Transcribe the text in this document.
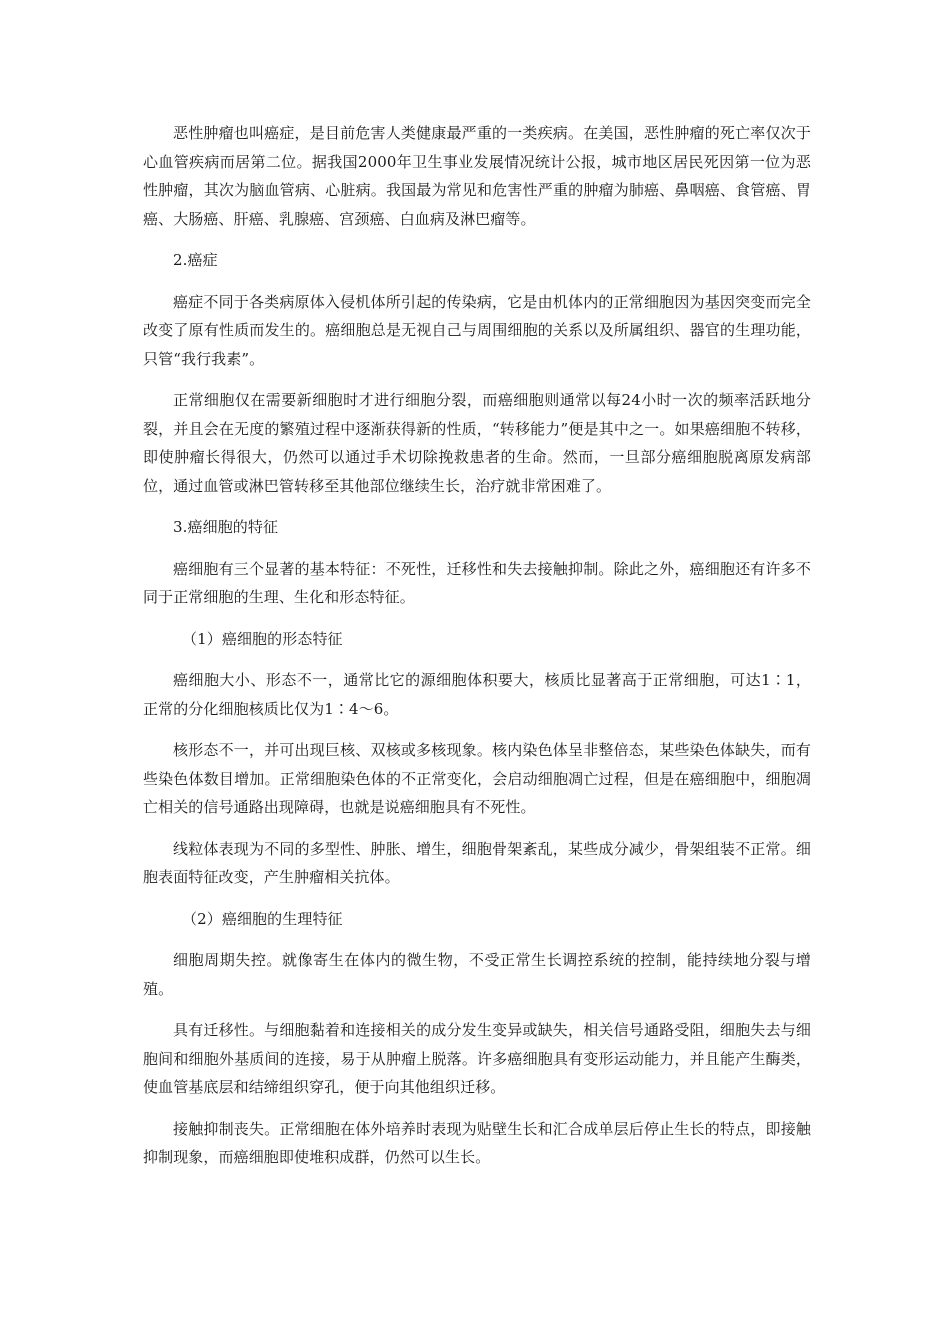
恶性肿瘤也叫癌症，是目前危害人类健康最严重的一类疾病。在美国，恶性肿瘤的死亡率仅次于心血管疾病而居第二位。据我国2000年卫生事业发展情况统计公报，城市地区居民死因第一位为恶性肿瘤，其次为脑血管病、心脏病。我国最为常见和危害性严重的肿瘤为肺癌、鼻咽癌、食管癌、胃癌、大肠癌、肝癌、乳腺癌、宫颈癌、白血病及淋巴瘤等。

2.癌症

癌症不同于各类病原体入侵机体所引起的传染病，它是由机体内的正常细胞因为基因突变而完全改变了原有性质而发生的。癌细胞总是无视自己与周围细胞的关系以及所属组织、器官的生理功能，只管“我行我素”。

正常细胞仅在需要新细胞时才进行细胞分裂，而癌细胞则通常以每24小时一次的频率活跃地分裂，并且会在无度的繁殖过程中逐渐获得新的性质，“转移能力”便是其中之一。如果癌细胞不转移，即使肿瘤长得很大，仍然可以通过手术切除挽救患者的生命。然而，一旦部分癌细胞脱离原发病部位，通过血管或淋巴管转移至其他部位继续生长，治疗就非常困难了。

3.癌细胞的特征

癌细胞有三个显著的基本特征：不死性，迁移性和失去接触抑制。除此之外，癌细胞还有许多不同于正常细胞的生理、生化和形态特征。

（1）癌细胞的形态特征

癌细胞大小、形态不一，通常比它的源细胞体积要大，核质比显著高于正常细胞，可达1∶1，正常的分化细胞核质比仅为1∶4～6。

核形态不一，并可出现巨核、双核或多核现象。核内染色体呈非整倍态，某些染色体缺失，而有些染色体数目增加。正常细胞染色体的不正常变化，会启动细胞凋亡过程，但是在癌细胞中，细胞凋亡相关的信号通路出现障碍，也就是说癌细胞具有不死性。

线粒体表现为不同的多型性、肿胀、增生，细胞骨架紊乱，某些成分减少，骨架组装不正常。细胞表面特征改变，产生肿瘤相关抗体。

（2）癌细胞的生理特征

细胞周期失控。就像寄生在体内的微生物，不受正常生长调控系统的控制，能持续地分裂与增殖。

具有迁移性。与细胞黏着和连接相关的成分发生变异或缺失，相关信号通路受阻，细胞失去与细胞间和细胞外基质间的连接，易于从肿瘤上脱落。许多癌细胞具有变形运动能力，并且能产生酶类，使血管基底层和结缔组织穿孔，便于向其他组织迁移。

接触抑制丧失。正常细胞在体外培养时表现为贴壁生长和汇合成单层后停止生长的特点，即接触抑制现象，而癌细胞即使堆积成群，仍然可以生长。
